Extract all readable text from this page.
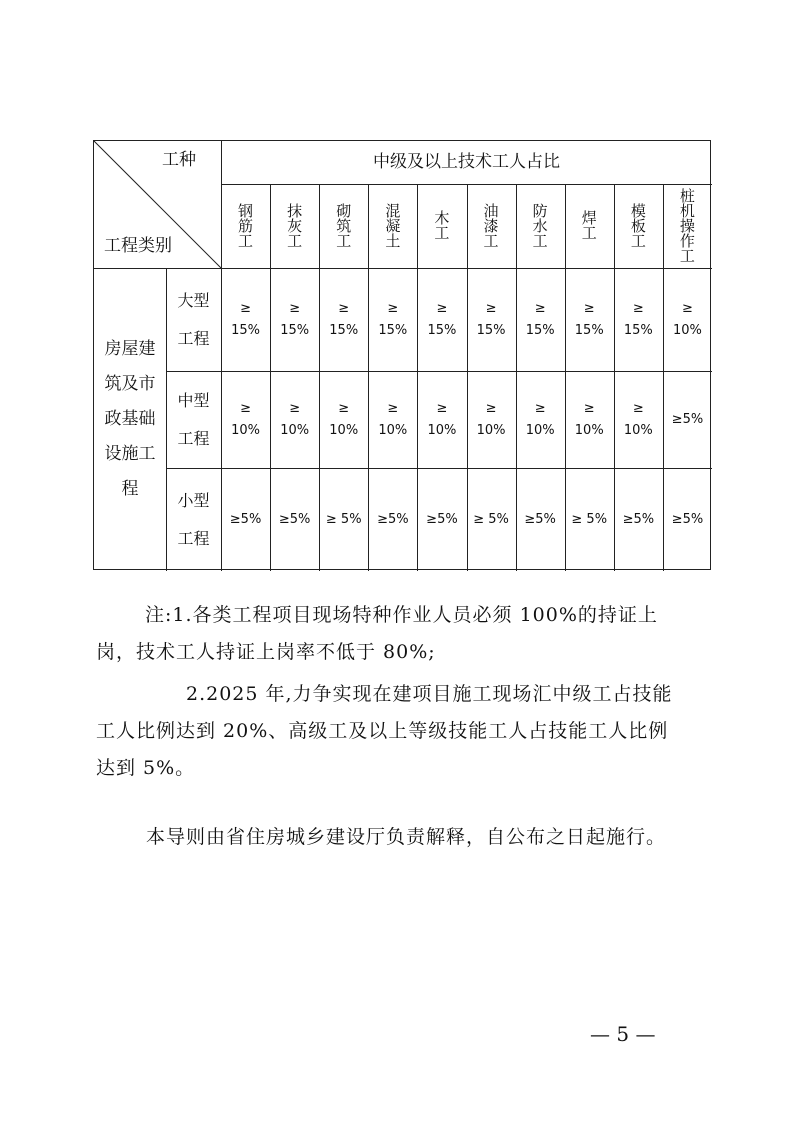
工种
工程类别
中级及以上技术工人占比
房屋建
筑及市
政基础
设施工
程
大型
工程
中型
工程
小型
工程
钢筋工
≥ 15%
≥ 10%
≥5%
抹灰工
≥ 15%
≥ 10%
≥5%
砌筑工
≥ 15%
≥ 10%
≥ 5%
混凝土
≥ 15%
≥ 10%
≥5%
木工
≥ 15%
≥ 10%
≥5%
油漆工
≥ 15%
≥ 10%
≥ 5%
防水工
≥ 15%
≥ 10%
≥5%
焊工
≥ 15%
≥ 10%
≥ 5%
模板工
≥ 15%
≥ 10%
≥5%
桩机操作工
≥ 10%
≥5%
≥5%
注:1.各类工程项目现场特种作业人员必须 100%的持证上
岗，技术工人持证上岗率不低于 80%;
2.2025 年,力争实现在建项目施工现场汇中级工占技能
工人比例达到 20%、高级工及以上等级技能工人占技能工人比例
达到 5%。
本导则由省住房城乡建设厅负责解释，自公布之日起施行。
— 5 —
